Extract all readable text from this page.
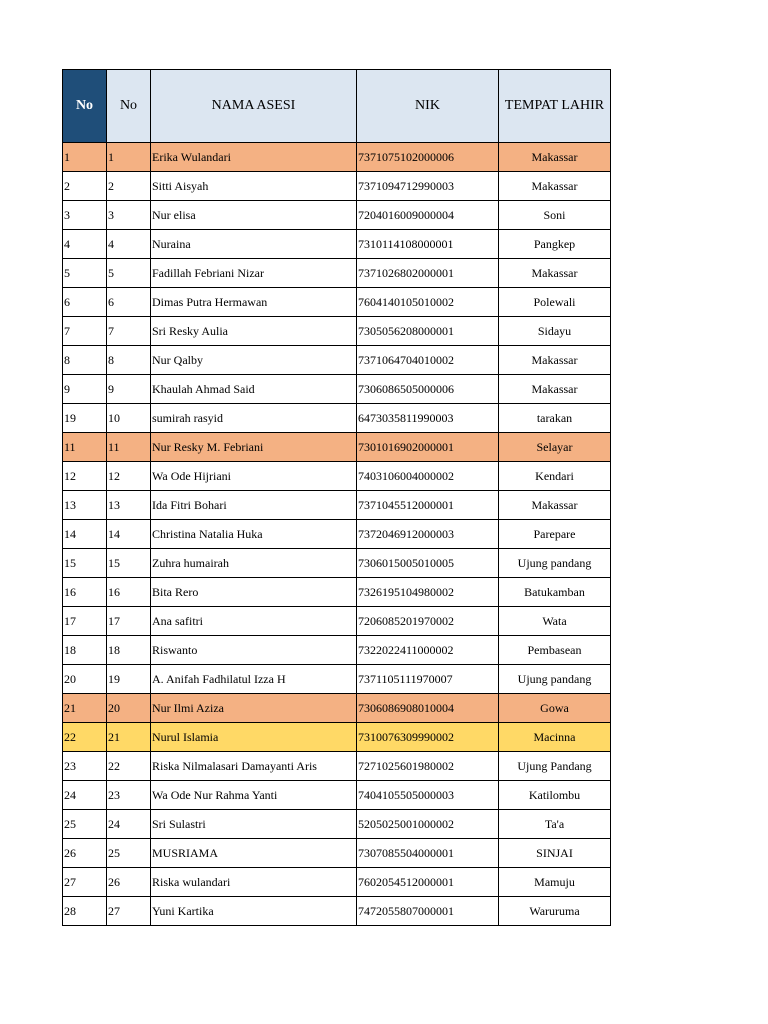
No	No	NAMA ASESI	NIK	TEMPAT LAHIR
1	1	Erika Wulandari	7371075102000006	Makassar
2	2	Sitti Aisyah	7371094712990003	Makassar
3	3	Nur elisa	7204016009000004	Soni
4	4	Nuraina	7310114108000001	Pangkep
5	5	Fadillah Febriani Nizar	7371026802000001	Makassar
6	6	Dimas Putra Hermawan	7604140105010002	Polewali
7	7	Sri Resky Aulia	7305056208000001	Sidayu
8	8	Nur Qalby	7371064704010002	Makassar
9	9	Khaulah Ahmad Said	7306086505000006	Makassar
19	10	sumirah rasyid	6473035811990003	tarakan
11	11	Nur Resky M. Febriani	7301016902000001	Selayar
12	12	Wa Ode Hijriani	7403106004000002	Kendari
13	13	Ida Fitri Bohari	7371045512000001	Makassar
14	14	Christina Natalia Huka	7372046912000003	Parepare
15	15	Zuhra humairah	7306015005010005	Ujung pandang
16	16	Bita Rero	7326195104980002	Batukamban
17	17	Ana safitri	7206085201970002	Wata
18	18	Riswanto	7322022411000002	Pembasean
20	19	A. Anifah Fadhilatul Izza H	7371105111970007	Ujung pandang
21	20	Nur Ilmi Aziza	7306086908010004	Gowa
22	21	Nurul Islamia	7310076309990002	Macinna
23	22	Riska Nilmalasari Damayanti Aris	7271025601980002	Ujung Pandang
24	23	Wa Ode Nur Rahma Yanti	7404105505000003	Katilombu
25	24	Sri Sulastri	5205025001000002	Ta'a
26	25	MUSRIAMA	7307085504000001	SINJAI
27	26	Riska wulandari	7602054512000001	Mamuju
28	27	Yuni Kartika	7472055807000001	Waruruma
